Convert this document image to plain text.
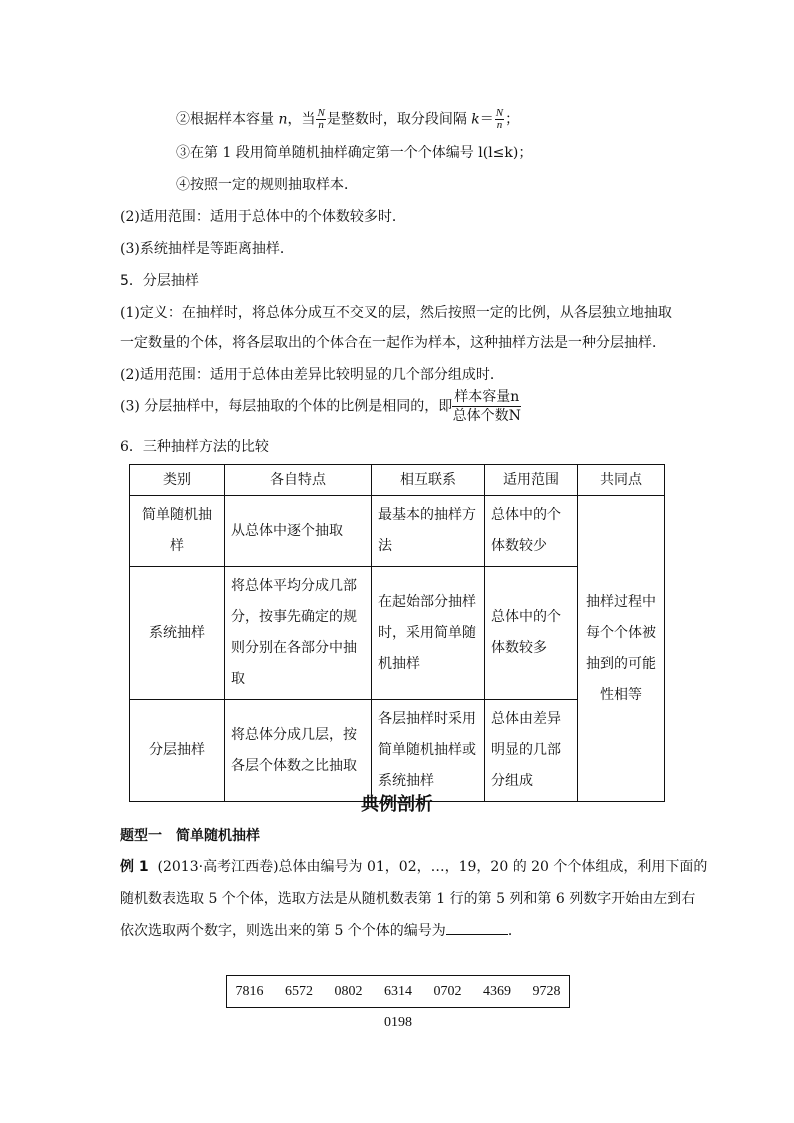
②根据样本容量 n，当 $\frac{N}{n}$ 是整数时，取分段间隔 $k= \frac{N}{n}$ ；
③在第 1 段用简单随机抽样确定第一个个体编号 l(l≤k)；
④按照一定的规则抽取样本．
(2)适用范围：适用于总体中的个体数较多时．
(3)系统抽样是等距离抽样．
5．分层抽样
(1)定义：在抽样时，将总体分成互不交叉的层，然后按照一定的比例，从各层独立地抽取
一定数量的个体，将各层取出的个体合在一起作为样本，这种抽样方法是一种分层抽样．
(2)适用范围：适用于总体由差异比较明显的几个部分组成时．
(3) 分层抽样中，每层抽取的个体的比例是相同的，即 $\frac{\text{样本容量n}}{\text{总体个数N}}$
6．三种抽样方法的比较
类别	各自特点	相互联系	适用范围	共同点
简单随机抽样	从总体中逐个抽取	最基本的抽样方法	总体中的个体数较少	抽样过程中每个个体被抽到的可能性相等
系统抽样	将总体平均分成几部分，按事先确定的规则分别在各部分中抽取	在起始部分抽样时，采用简单随机抽样	总体中的个体数较多	
分层抽样	将总体分成几层，按各层个体数之比抽取	各层抽样时采用简单随机抽样或系统抽样	总体由差异明显的几部分组成	
典例剖析
题型一　简单随机抽样
例 1 (2013·高考江西卷)总体由编号为 01，02，…，19，20 的 20 个个体组成，利用下面的
随机数表选取 5 个个体，选取方法是从随机数表第 1 行的第 5 列和第 6 列数字开始由左到右
依次选取两个数字，则选出来的第 5 个个体的编号为	．
7816 6572 0802 6314 0702 4369 9728 0198
